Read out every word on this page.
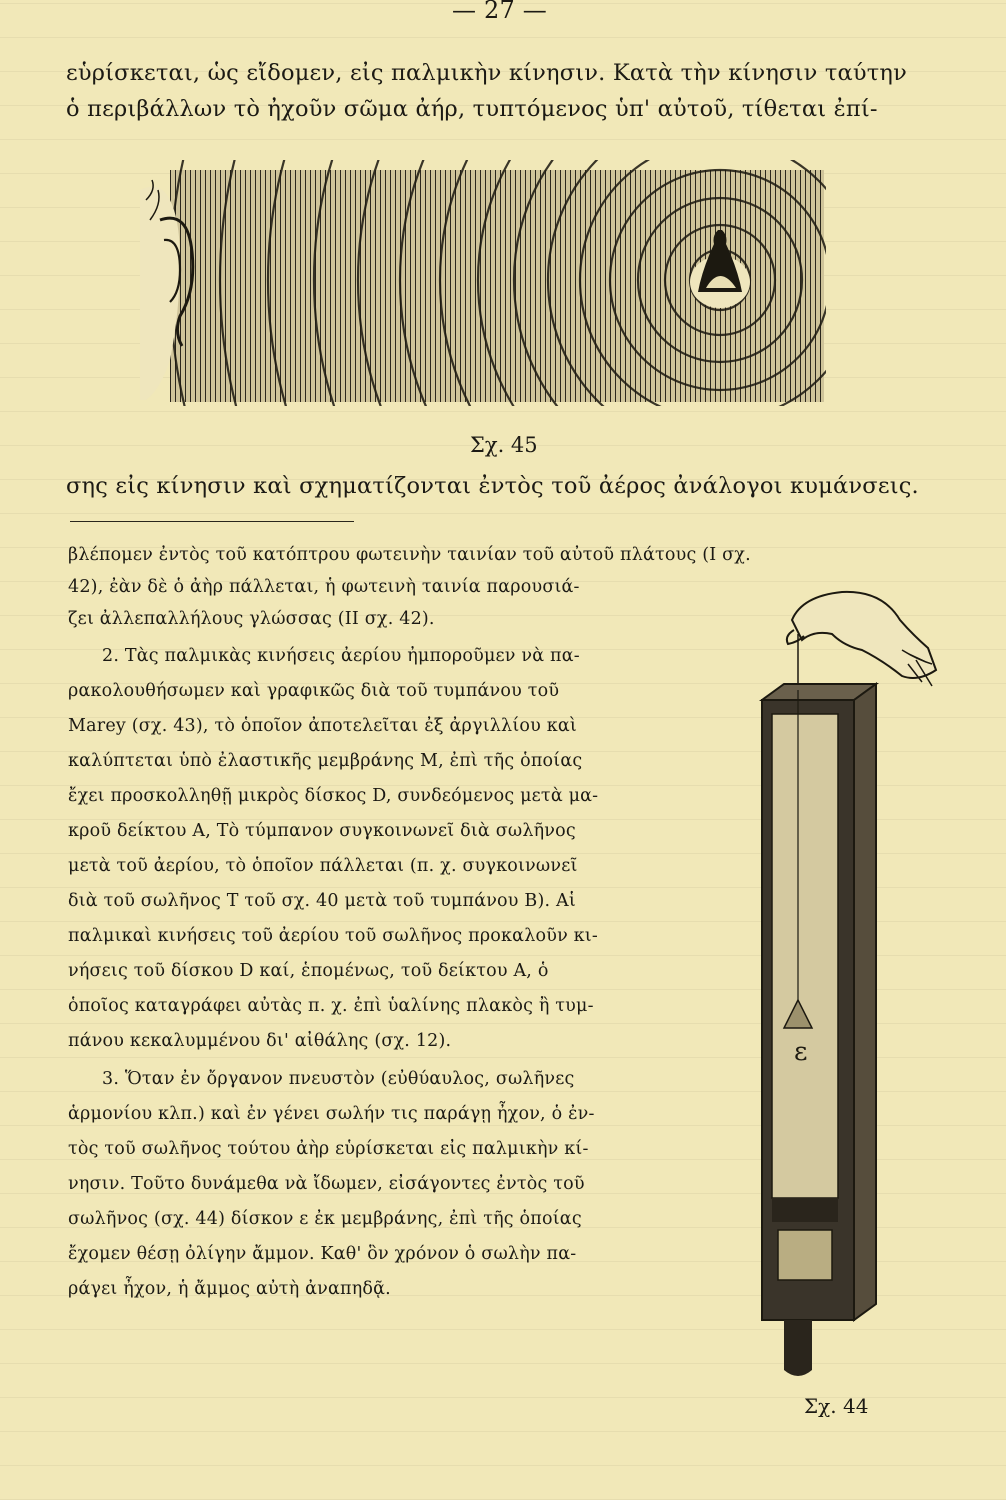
— 27 —
εὑρίσκεται, ὡς εἴδομεν, εἰς παλμικὴν κίνησιν. Κατὰ τὴν κίνησιν ταύτην
ὁ περιβάλλων τὸ ἠχοῦν σῶμα ἀήρ, τυπτόμενος ὑπ' αὐτοῦ, τίθεται ἐπί-
Σχ. 45
σης εἰς κίνησιν καὶ σχηματίζονται ἐντὸς τοῦ ἀέρος ἀνάλογοι κυμάνσεις.
βλέπομεν ἐντὸς τοῦ κατόπτρου φωτεινὴν ταινίαν τοῦ αὐτοῦ πλάτους (I σχ.
42), ἐὰν δὲ ὁ ἀὴρ πάλλεται, ἡ φωτεινὴ ταινία παρουσιά-
ζει ἀλλεπαλλήλους γλώσσας (II σχ. 42).
2. Τὰς παλμικὰς κινήσεις ἀερίου ἠμποροῦμεν νὰ πα-
ρακολουθήσωμεν καὶ γραφικῶς διὰ τοῦ τυμπάνου τοῦ
Marey (σχ. 43), τὸ ὁποῖον ἀποτελεῖται ἐξ ἀργιλλίου καὶ
καλύπτεται ὑπὸ ἐλαστικῆς μεμβράνης Μ, ἐπὶ τῆς ὁποίας
ἔχει προσκολληθῇ μικρὸς δίσκος D, συνδεόμενος μετὰ μα-
κροῦ δείκτου Α, Τὸ τύμπανον συγκοινωνεῖ διὰ σωλῆνος
μετὰ τοῦ ἀερίου, τὸ ὁποῖον πάλλεται (π. χ. συγκοινωνεῖ
διὰ τοῦ σωλῆνος Τ τοῦ σχ. 40 μετὰ τοῦ τυμπάνου Β). Αἱ
παλμικαὶ κινήσεις τοῦ ἀερίου τοῦ σωλῆνος προκαλοῦν κι-
νήσεις τοῦ δίσκου D καί, ἑπομένως, τοῦ δείκτου Α, ὁ
ὁποῖος καταγράφει αὐτὰς π. χ. ἐπὶ ὑαλίνης πλακὸς ἢ τυμ-
πάνου κεκαλυμμένου δι' αἰθάλης (σχ. 12).
3. Ὅταν ἐν ὄργανον πνευστὸν (εὐθύαυλος, σωλῆνες
ἁρμονίου κλπ.) καὶ ἐν γένει σωλήν τις παράγῃ ἦχον, ὁ ἐν-
τὸς τοῦ σωλῆνος τούτου ἀὴρ εὑρίσκεται εἰς παλμικὴν κί-
νησιν. Τοῦτο δυνάμεθα νὰ ἴδωμεν, εἰσάγοντες ἐντὸς τοῦ
σωλῆνος (σχ. 44) δίσκον ε ἐκ μεμβράνης, ἐπὶ τῆς ὁποίας
ἔχομεν θέσῃ ὀλίγην ἄμμον. Καθ' ὃν χρόνον ὁ σωλὴν πα-
ράγει ἦχον, ἡ ἄμμος αὐτὴ ἀναπηδᾷ.
ε
Σχ. 44
